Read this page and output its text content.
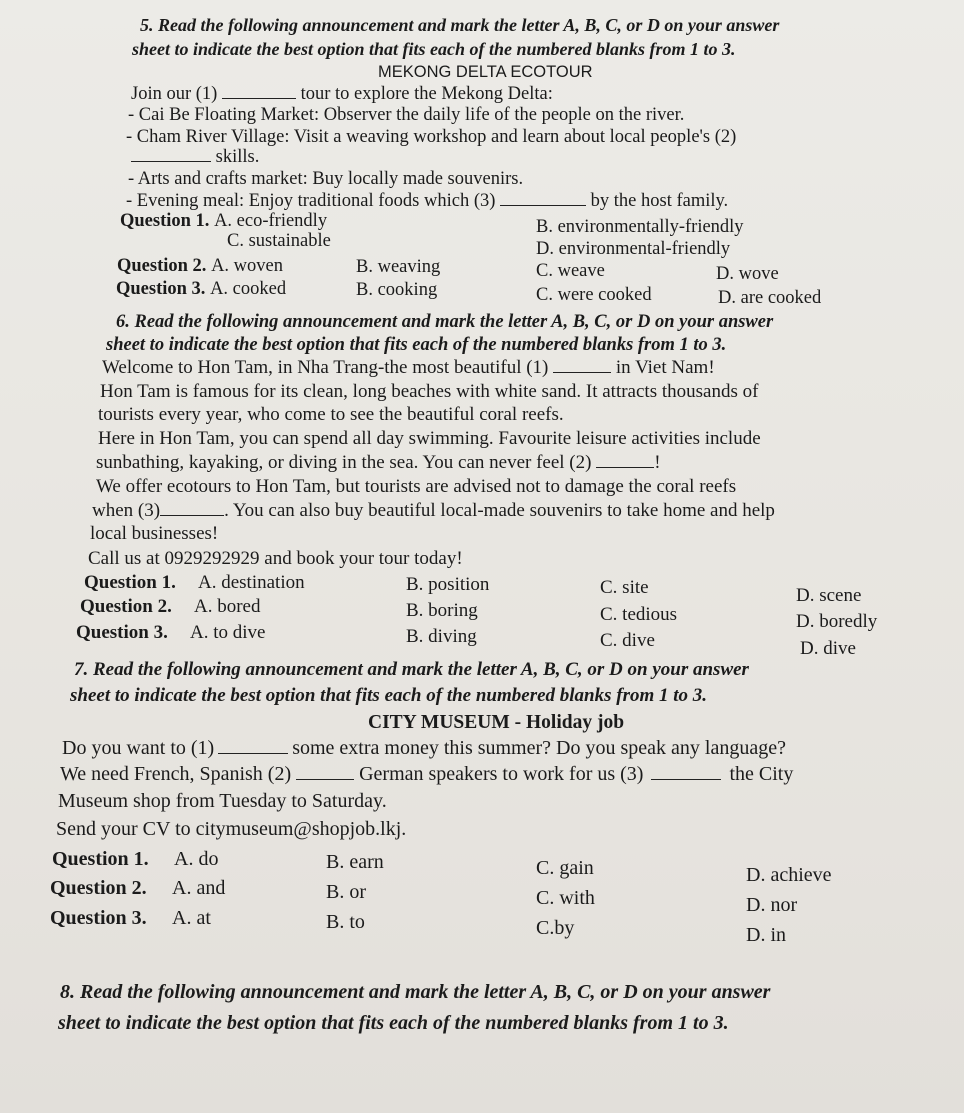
5. Read the following announcement and mark the letter A, B, C, or D on your answer
sheet to indicate the best option that fits each of the numbered blanks from 1 to 3.
MEKONG DELTA ECOTOUR
Join our (1)	tour to explore the Mekong Delta:
- Cai Be Floating Market: Observer the daily life of the people on the river.
- Cham River Village: Visit a weaving workshop and learn about local people's (2)
skills.
- Arts and crafts market: Buy locally made souvenirs.
- Evening meal: Enjoy traditional foods which (3)	by the host family.
Question 1. A. eco-friendly	B. environmentally-friendly
C. sustainable	D. environmental-friendly
Question 2. A. woven	B. weaving	C. weave	D. wove
Question 3. A. cooked	B. cooking	C. were cooked	D. are cooked
6. Read the following announcement and mark the letter A, B, C, or D on your answer
sheet to indicate the best option that fits each of the numbered blanks from 1 to 3.
Welcome to Hon Tam, in Nha Trang-the most beautiful (1)	in Viet Nam!
Hon Tam is famous for its clean, long beaches with white sand. It attracts thousands of
tourists every year, who come to see the beautiful coral reefs.
Here in Hon Tam, you can spend all day swimming. Favourite leisure activities include
sunbathing, kayaking, or diving in the sea. You can never feel (2)	!
We offer ecotours to Hon Tam, but tourists are advised not to damage the coral reefs
when (3)	. You can also buy beautiful local-made souvenirs to take home and help
local businesses!
Call us at 0929292929 and book your tour today!
Question 1. A. destination	B. position	C. site	D. scene
Question 2. A. bored	B. boring	C. tedious	D. boredly
Question 3. A. to dive	B. diving	C. dive	D. dive
7. Read the following announcement and mark the letter A, B, C, or D on your answer
sheet to indicate the best option that fits each of the numbered blanks from 1 to 3.
CITY MUSEUM - Holiday job
Do you want to (1)	some extra money this summer? Do you speak any language?
We need French, Spanish (2)	German speakers to work for us (3)	the City
Museum shop from Tuesday to Saturday.
Send your CV to citymuseum@shopjob.lkj.
Question 1. A. do	B. earn	C. gain	D. achieve
Question 2. A. and	B. or	C. with	D. nor
Question 3. A. at	B. to	C.by	D. in
8. Read the following announcement and mark the letter A, B, C, or D on your answer
sheet to indicate the best option that fits each of the numbered blanks from 1 to 3.
